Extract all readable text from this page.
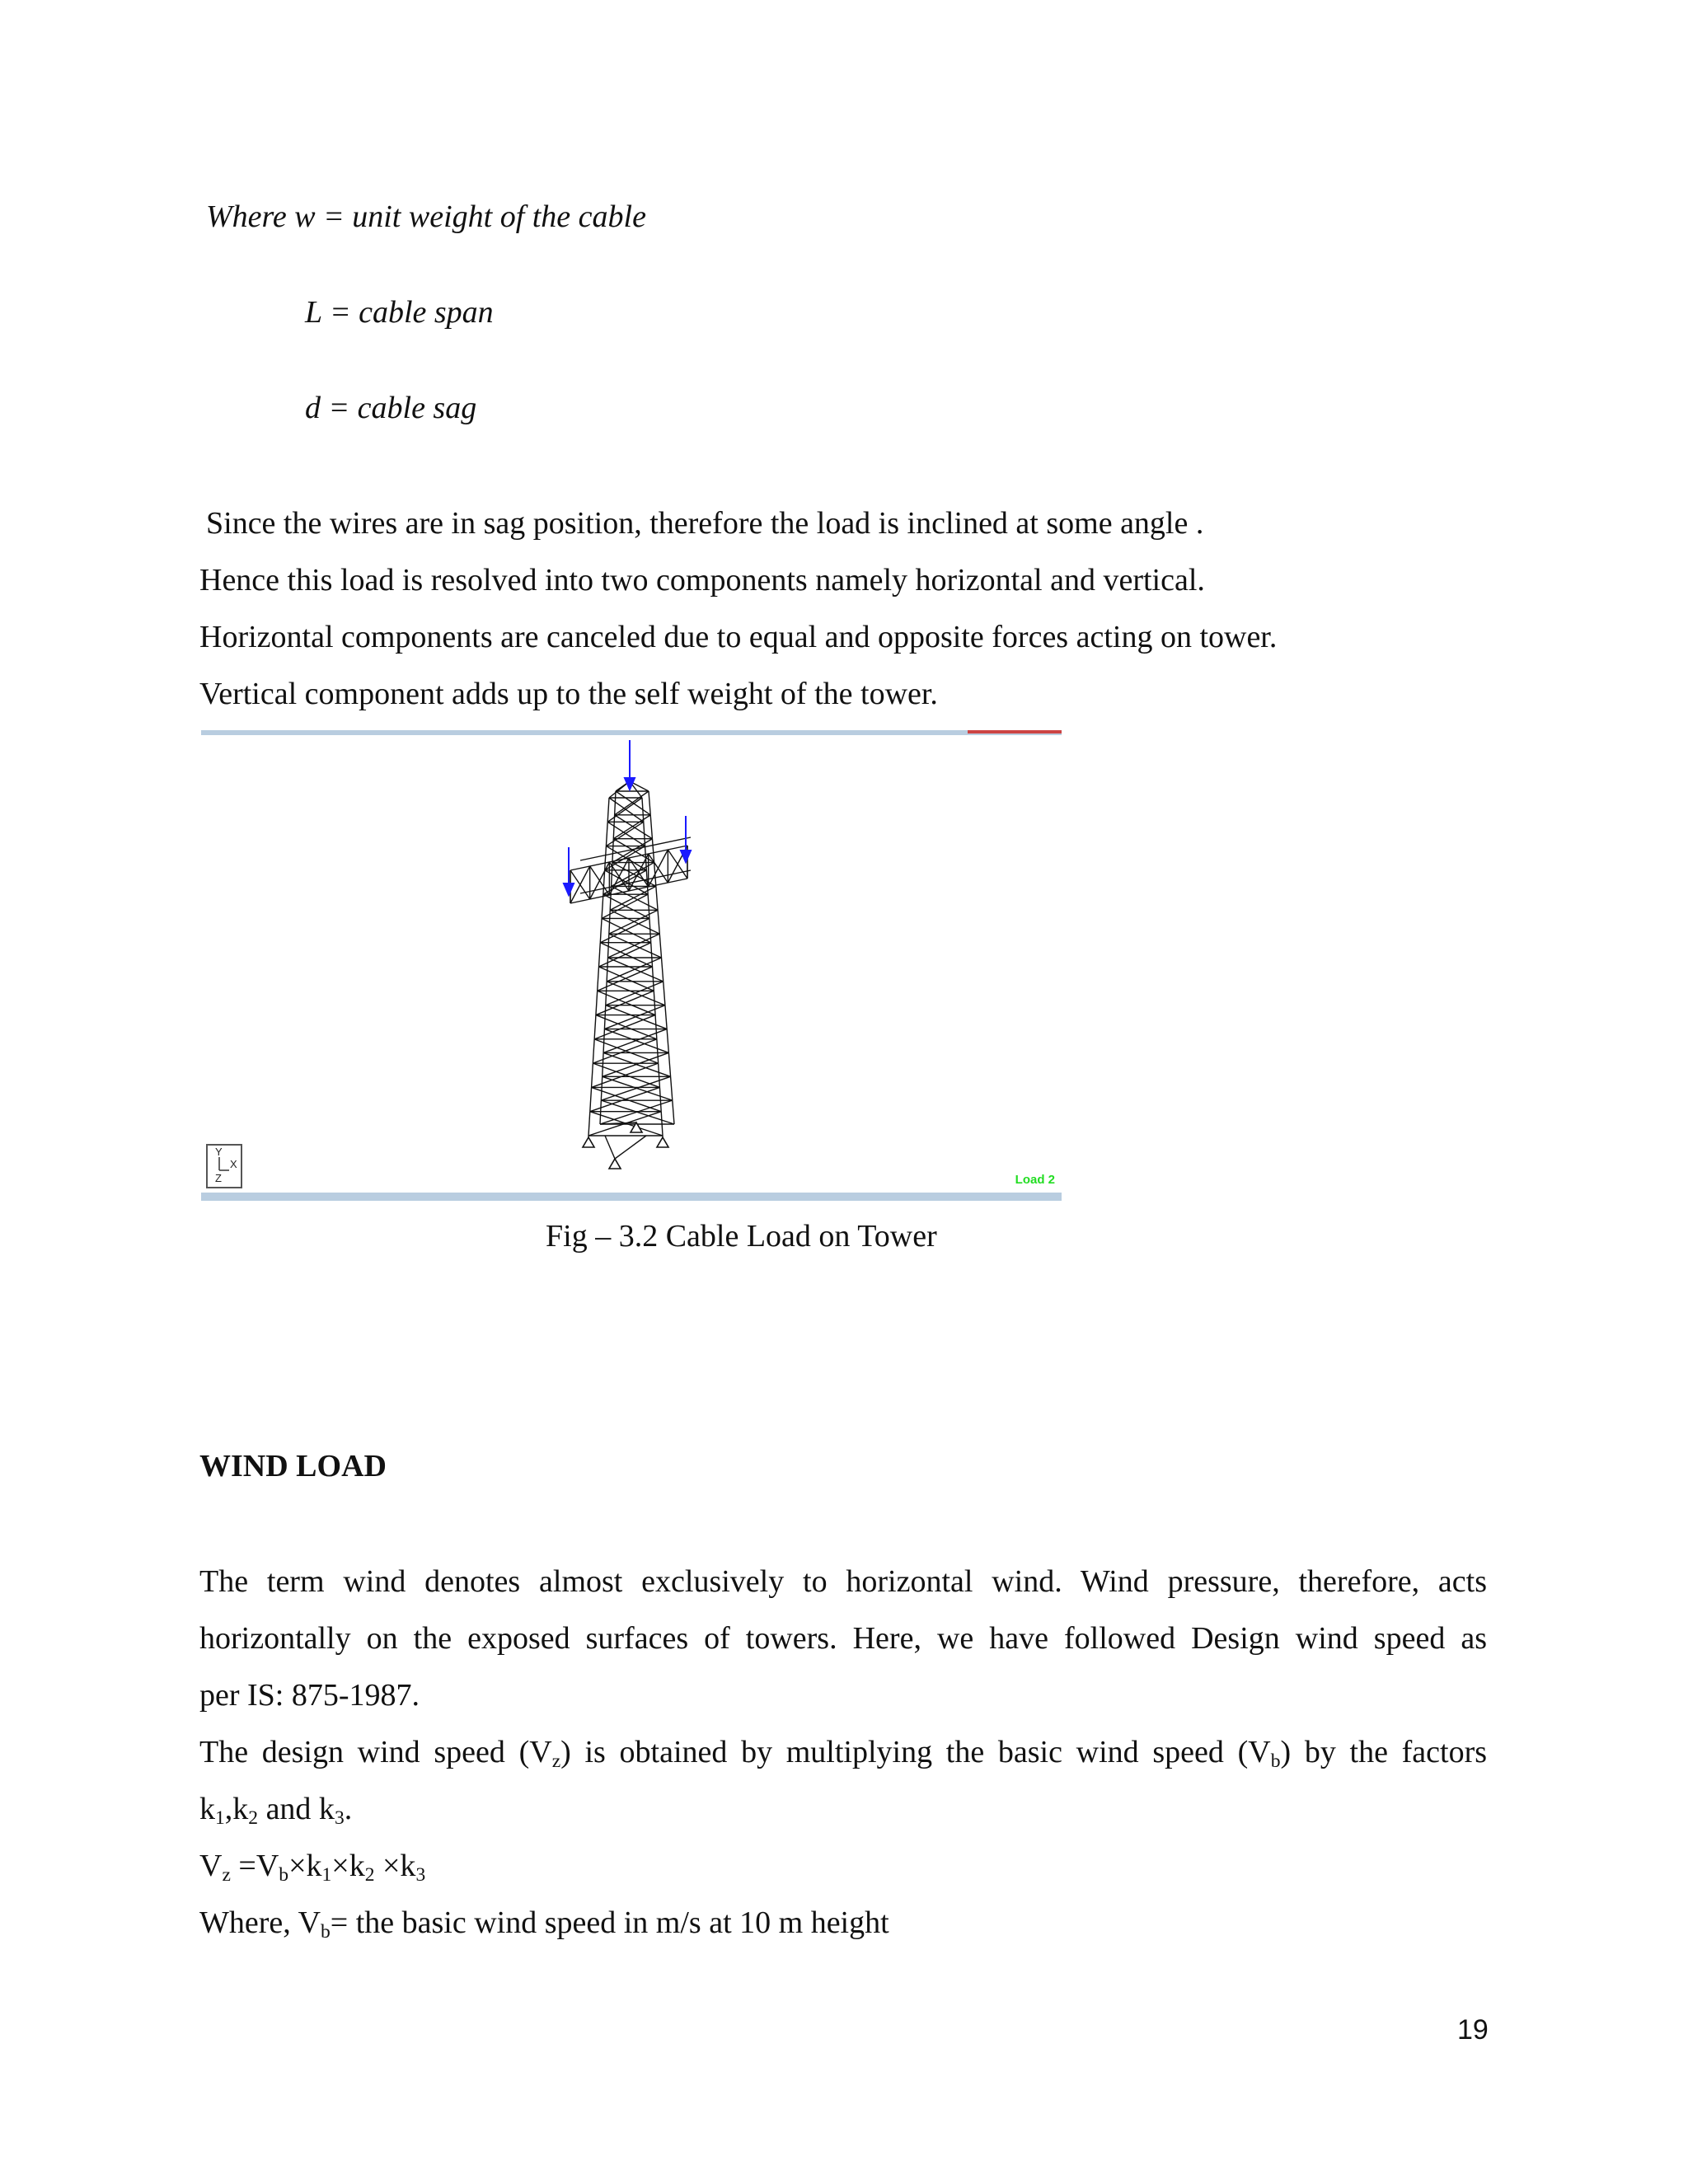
Where w = unit weight of the cable

L = cable span

d = cable sag

Since the wires are in sag position, therefore the load is inclined at some angle .

Hence this load is resolved into two components namely horizontal and vertical.

Horizontal components are canceled due to equal and opposite forces acting on tower.

Vertical component adds up to the self weight of the tower.

Y
X
Z	Load 2

Fig – 3.2 Cable Load on Tower

WIND LOAD

The term wind denotes almost exclusively to horizontal wind. Wind pressure, therefore, acts

horizontally on the exposed surfaces of towers. Here, we have followed Design wind speed as

per IS: 875-1987.

The design wind speed $(V_z)$ is obtained by multiplying the basic wind speed $(V_b)$ by the factors

$k_1,k_2$ and $k_3$.

$V_z =V_b\times k_1\times k_2 \times k_3$

Where, $V_b=$ the basic wind speed in m/s at 10 m height

19
